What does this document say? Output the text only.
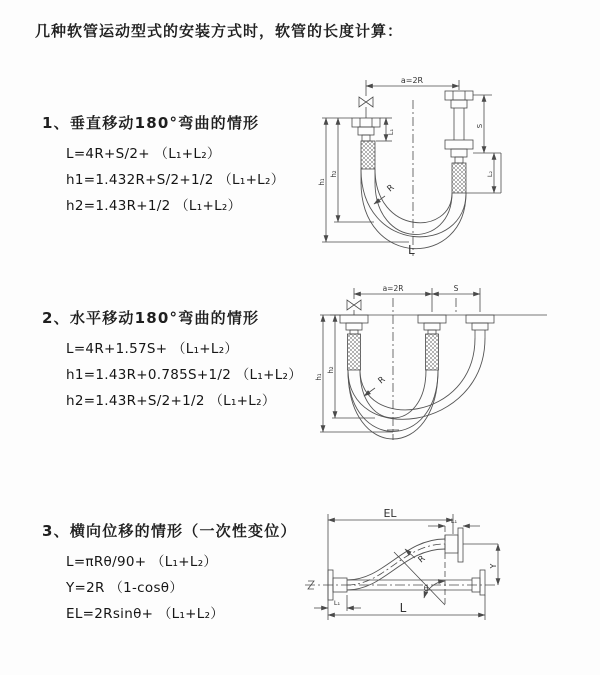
几种软管运动型式的安装方式时，软管的长度计算：
1、垂直移动180°弯曲的情形

L=4R+S/2+ （L₁+L₂）

h1=1.432R+S/2+1/2 （L₁+L₂）

h2=1.43R+1/2 （L₁+L₂）

2、水平移动180°弯曲的情形

L=4R+1.57S+ （L₁+L₂）

h1=1.43R+0.785S+1/2 （L₁+L₂）

h2=1.43R+S/2+1/2 （L₁+L₂）

3、横向位移的情形（一次性变位）

L=πRθ/90+ （L₁+L₂）

Y=2R （1-cosθ）

EL=2Rsinθ+ （L₁+L₂）

a=2R
h₁
h₂
L₁
S
L₂
R
L
a=2R	S
h₁
h₂
R
EL
L₁
Y
θ
R
L₁	L
